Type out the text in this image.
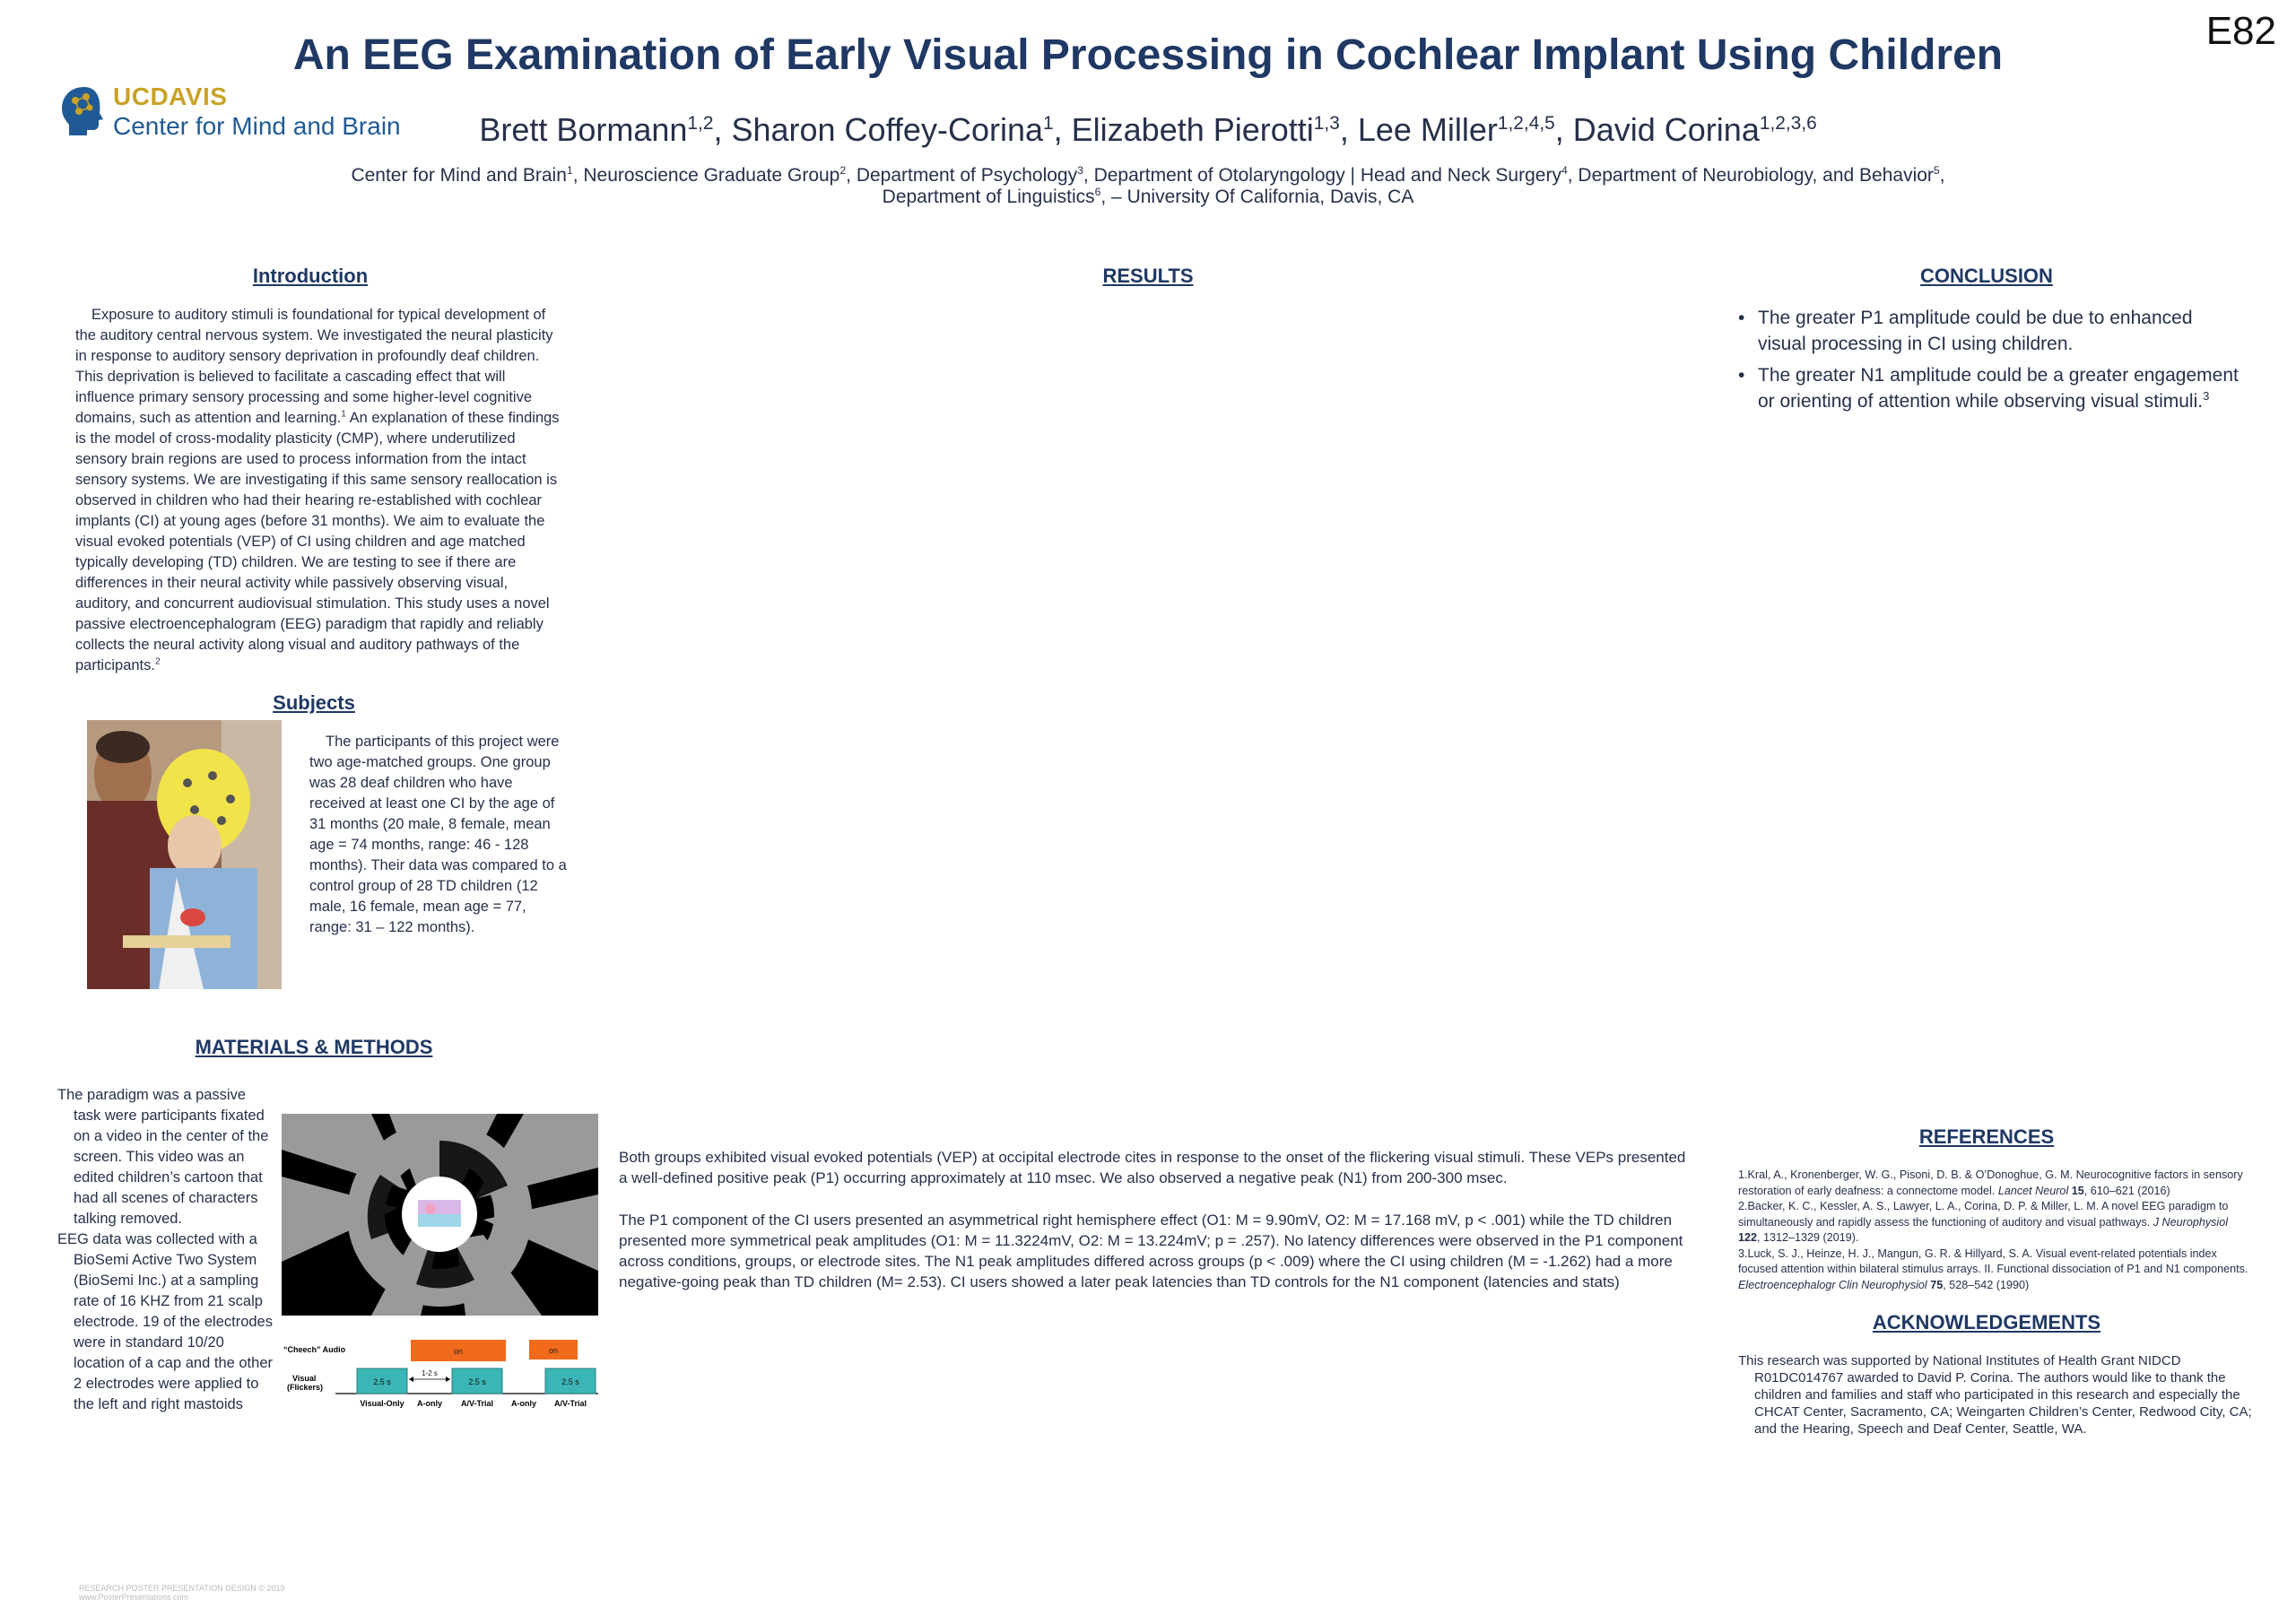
E82
An EEG Examination of Early Visual Processing in Cochlear Implant Using Children
UCDAVIS
Center for Mind and Brain	Brett Bormann$^{1,2}$, Sharon Coffey-Corina$^1$, Elizabeth Pierotti$^{1,3}$, Lee Miller$^{1,2,4,5}$, David Corina$^{1,2,3,6}$
Center for Mind and Brain$^1$, Neuroscience Graduate Group$^2$, Department of Psychology$^3$, Department of Otolaryngology | Head and Neck Surgery$^4$, Department of Neurobiology, and Behavior$^5$,
Department of Linguistics$^6$, – University Of California, Davis, CA
Introduction
Exposure to auditory stimuli is foundational for typical development of the auditory central nervous system. We investigated the neural plasticity in response to auditory sensory deprivation in profoundly deaf children. This deprivation is believed to facilitate a cascading effect that will influence primary sensory processing and some higher-level cognitive domains, such as attention and learning.$^1$ An explanation of these findings is the model of cross-modality plasticity (CMP), where underutilized sensory brain regions are used to process information from the intact sensory systems. We are investigating if this same sensory reallocation is observed in children who had their hearing re-established with cochlear implants (CI) at young ages (before 31 months). We aim to evaluate the visual evoked potentials (VEP) of CI using children and age matched typically developing (TD) children. We are testing to see if there are differences in their neural activity while passively observing visual, auditory, and concurrent audiovisual stimulation. This study uses a novel passive electroencephalogram (EEG) paradigm that rapidly and reliably collects the neural activity along visual and auditory pathways of the participants.$^2$
Subjects
The participants of this project were two age-matched groups. One group was 28 deaf children who have received at least one CI by the age of 31 months (20 male, 8 female, mean age = 74 months, range: 46 - 128 months). Their data was compared to a control group of 28 TD children (12 male, 16 female, mean age = 77, range: 31 – 122 months).
MATERIALS & METHODS
The paradigm was a passive task were participants fixated on a video in the center of the screen. This video was an edited children’s cartoon that had all scenes of characters talking removed.
EEG data was collected with a BioSemi Active Two System (BioSemi Inc.) at a sampling rate of 16 KHZ from 21 scalp electrode. 19 of the electrodes were in standard 10/20 location of a cap and the other 2 electrodes were applied to the left and right mastoids
“Cheech” Audio
Visual
(Flickers)
on	on
2.5 s	2.5 s	2.5 s
1-2 s
Visual-Only A-only A/V-Trial A-only A/V-Trial
RESULTS

Both groups exhibited visual evoked potentials (VEP) at occipital electrode cites in response to the onset of the flickering visual stimuli. These VEPs presented a well-defined positive peak (P1) occurring approximately at 110 msec. We also observed a negative peak (N1) from 200-300 msec.

The P1 component of the CI users presented an asymmetrical right hemisphere effect (O1: M = 9.90mV, O2: M = 17.168 mV, p < .001) while the TD children presented more symmetrical peak amplitudes (O1: M = 11.3224mV, O2: M = 13.224mV; p = .257). No latency differences were observed in the P1 component across conditions, groups, or electrode sites. The N1 peak amplitudes differed across groups (p < .009) where the CI using children (M = -1.262) had a more negative-going peak than TD children (M= 2.53). CI users showed a later peak latencies than TD controls for the N1 component (latencies and stats)

CONCLUSION
• The greater P1 amplitude could be due to enhanced visual processing in CI using children.
• The greater N1 amplitude could be a greater engagement or orienting of attention while observing visual stimuli.$^3$
REFERENCES
1.Kral, A., Kronenberger, W. G., Pisoni, D. B. & O’Donoghue, G. M. Neurocognitive factors in sensory restoration of early deafness: a connectome model. Lancet Neurol 15, 610–621 (2016)
2.Backer, K. C., Kessler, A. S., Lawyer, L. A., Corina, D. P. & Miller, L. M. A novel EEG paradigm to simultaneously and rapidly assess the functioning of auditory and visual pathways. J Neurophysiol 122, 1312–1329 (2019).
3.Luck, S. J., Heinze, H. J., Mangun, G. R. & Hillyard, S. A. Visual event-related potentials index focused attention within bilateral stimulus arrays. II. Functional dissociation of P1 and N1 components. Electroencephalogr Clin Neurophysiol 75, 528–542 (1990)
ACKNOWLEDGEMENTS
This research was supported by National Institutes of Health Grant NIDCD R01DC014767 awarded to David P. Corina. The authors would like to thank the children and families and staff who participated in this research and especially the CHCAT Center, Sacramento, CA; Weingarten Children’s Center, Redwood City, CA; and the Hearing, Speech and Deaf Center, Seattle, WA.
RESEARCH POSTER PRESENTATION DESIGN © 2019
www.PosterPresentations.com
